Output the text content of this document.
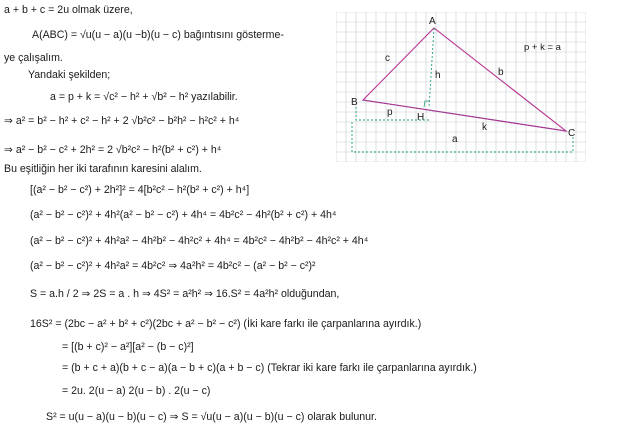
a + b + c = 2u olmak üzere,
A(ABC) = √u(u − a)(u −b)(u − c) bağıntısını gösterme-
ye çalışalım.
Yandaki şekilden;
a = p + k = √c² − h² + √b² − h² yazılabilir.
⇒ a² = b² − h² + c² − h² + 2 √b²c² − b²h² − h²c² + h⁴
⇒ a² − b² − c² + 2h² = 2 √b²c² − h²(b² + c²) + h⁴
Bu eşitliğin her iki tarafının karesini alalım.
[(a² − b² − c²) + 2h²]² = 4[b²c² − h²(b² + c²) + h⁴]
(a² − b² − c²)² + 4h²(a² − b² − c²) + 4h⁴ = 4b²c² − 4h²(b² + c²) + 4h⁴
(a² − b² − c²)² + 4h²a² − 4h²b² − 4h²c² + 4h⁴ = 4b²c² − 4h²b² − 4h²c² + 4h⁴
(a² − b² − c²)² + 4h²a² = 4b²c² ⇒ 4a²h² = 4b²c² − (a² − b² − c²)²
S = a.h / 2 ⇒ 2S = a . h ⇒ 4S² = a²h² ⇒ 16.S² = 4a²h² olduğundan,
16S² = (2bc − a² + b² + c²)(2bc + a² − b² − c²) (İki kare farkı ile çarpanlarına ayırdık.)
= [(b + c)² − a²][a² − (b − c)²]
= (b + c + a)(b + c − a)(a − b + c)(a + b − c) (Tekrar iki kare farkı ile çarpanlarına ayırdık.)
= 2u. 2(u − a) 2(u − b) . 2(u − c)
S² = u(u − a)(u − b)(u − c) ⇒ S = √u(u − a)(u − b)(u − c) olarak bulunur.
A
B
C
H
c
b
h
p
k
a
p + k = a
